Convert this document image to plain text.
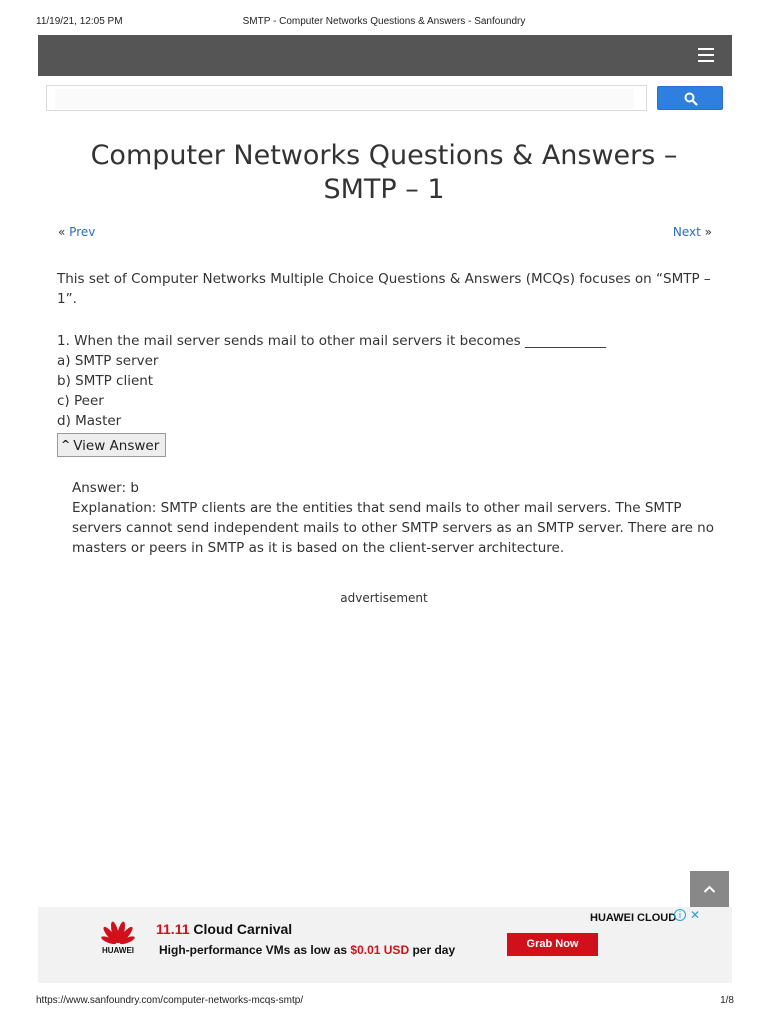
11/19/21, 12:05 PM	SMTP - Computer Networks Questions & Answers - Sanfoundry
Computer Networks Questions & Answers –
SMTP – 1
« Prev	Next »

This set of Computer Networks Multiple Choice Questions & Answers (MCQs) focuses on “SMTP – 1”.

1. When the mail server sends mail to other mail servers it becomes ____________

a) SMTP server

b) SMTP client

c) Peer

d) Master

^ View Answer

Answer: b

Explanation: SMTP clients are the entities that send mails to other mail servers. The SMTP servers cannot send independent mails to other SMTP servers as an SMTP server. There are no masters or peers in SMTP as it is based on the client-server architecture.

advertisement
HUAWEI
11.11 Cloud Carnival
High-performance VMs as low as $0.01 USD per day	Grab Now
HUAWEI CLOUD i ✕
https://www.sanfoundry.com/computer-networks-mcqs-smtp/	1/8
